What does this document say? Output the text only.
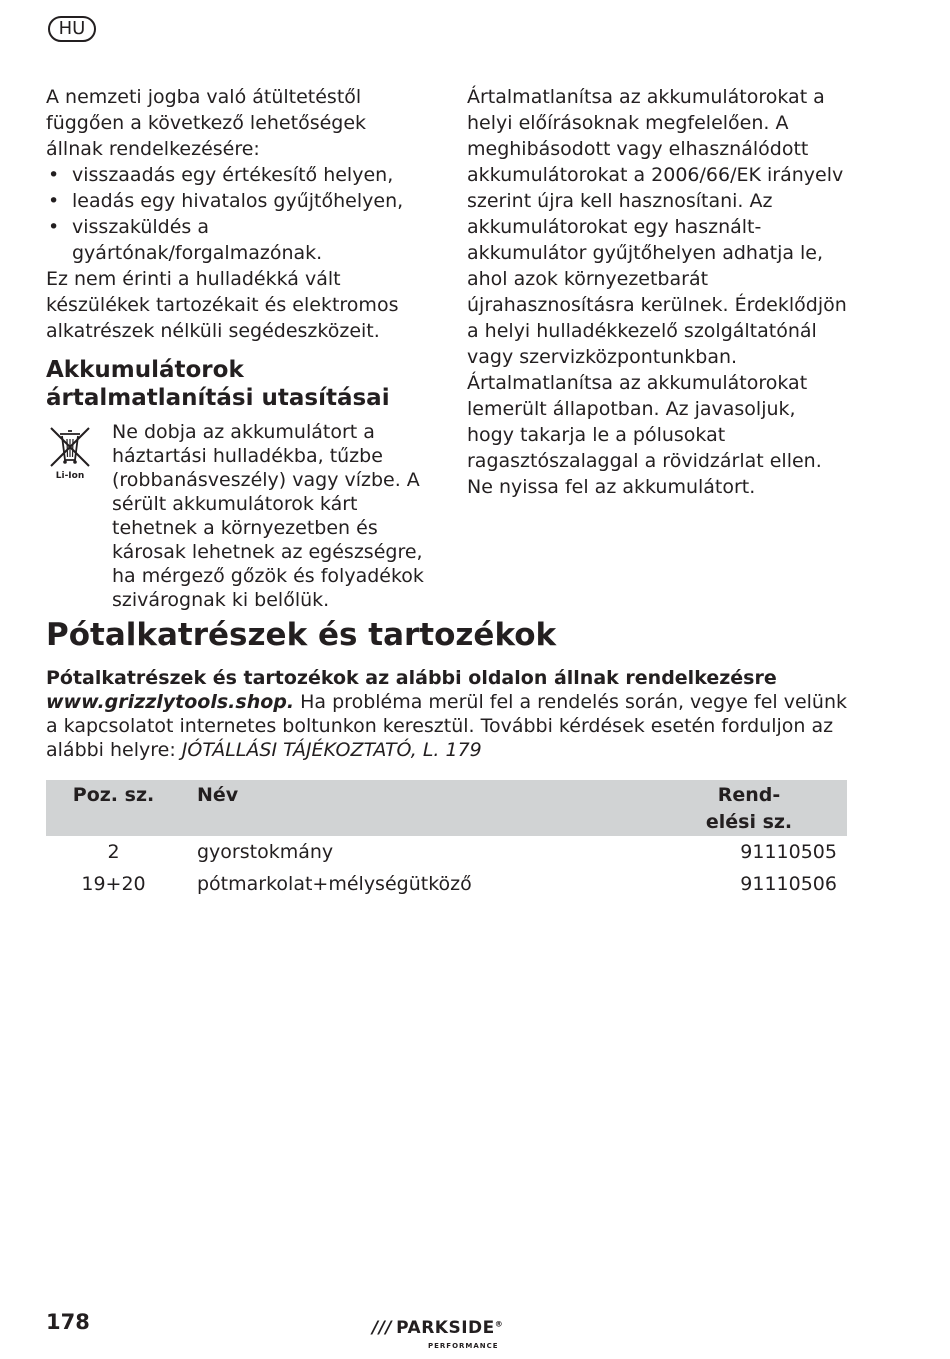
HU

A nemzeti jogba való átültetéstől függően a következő lehetőségek állnak rendelkezésére:

• visszaadás egy értékesítő helyen,
• leadás egy hivatalos gyűjtőhelyen,
• visszaküldés a gyártónak/forgalmazónak.

Ez nem érinti a hulladékká vált készülékek tartozékait és elektromos alkatrészek nélküli segédeszközeit.

Akkumulátorok ártalmatlanítási utasításai
Li-Ion
Ne dobja az akkumulátort a háztartási hulladékba, tűzbe (robbanásveszély) vagy vízbe. A sérült akkumulátorok kárt tehetnek a környezetben és károsak lehetnek az egészségre, ha mérgező gőzök és folyadékok szivárognak ki belőlük.

Ártalmatlanítsa az akkumulátorokat a helyi előírásoknak megfelelően. A meghibásodott vagy elhasználódott akkumulátorokat a 2006/66/EK irányelv szerint újra kell hasznosítani. Az akkumulátorokat egy használt-akkumulátor gyűjtőhelyen adhatja le, ahol azok környezetbarát újrahasznosításra kerülnek. Érdeklődjön a helyi hulladékkezelő szolgáltatónál vagy szervizközpontunkban. Ártalmatlanítsa az akkumulátorokat lemerült állapotban. Az javasoljuk, hogy takarja le a pólusokat ragasztószalaggal a rövidzárlat ellen. Ne nyissa fel az akkumulátort.

Pótalkatrészek és tartozékok

Pótalkatrészek és tartozékok az alábbi oldalon állnak rendelkezésre
www.grizzlytools.shop. Ha probléma merül fel a rendelés során, vegye fel velünk a kapcsolatot internetes boltunkon keresztül. További kérdések esetén forduljon az alábbi helyre: JÓTÁLLÁSI TÁJÉKOZTATÓ, L. 179

Poz. sz.	Név	Rend-
elési sz.
2	gyorstokmány	91110505
19+20	pótmarkolat+mélységütköző	91110506
178	/// PARKSIDE®
PERFORMANCE
